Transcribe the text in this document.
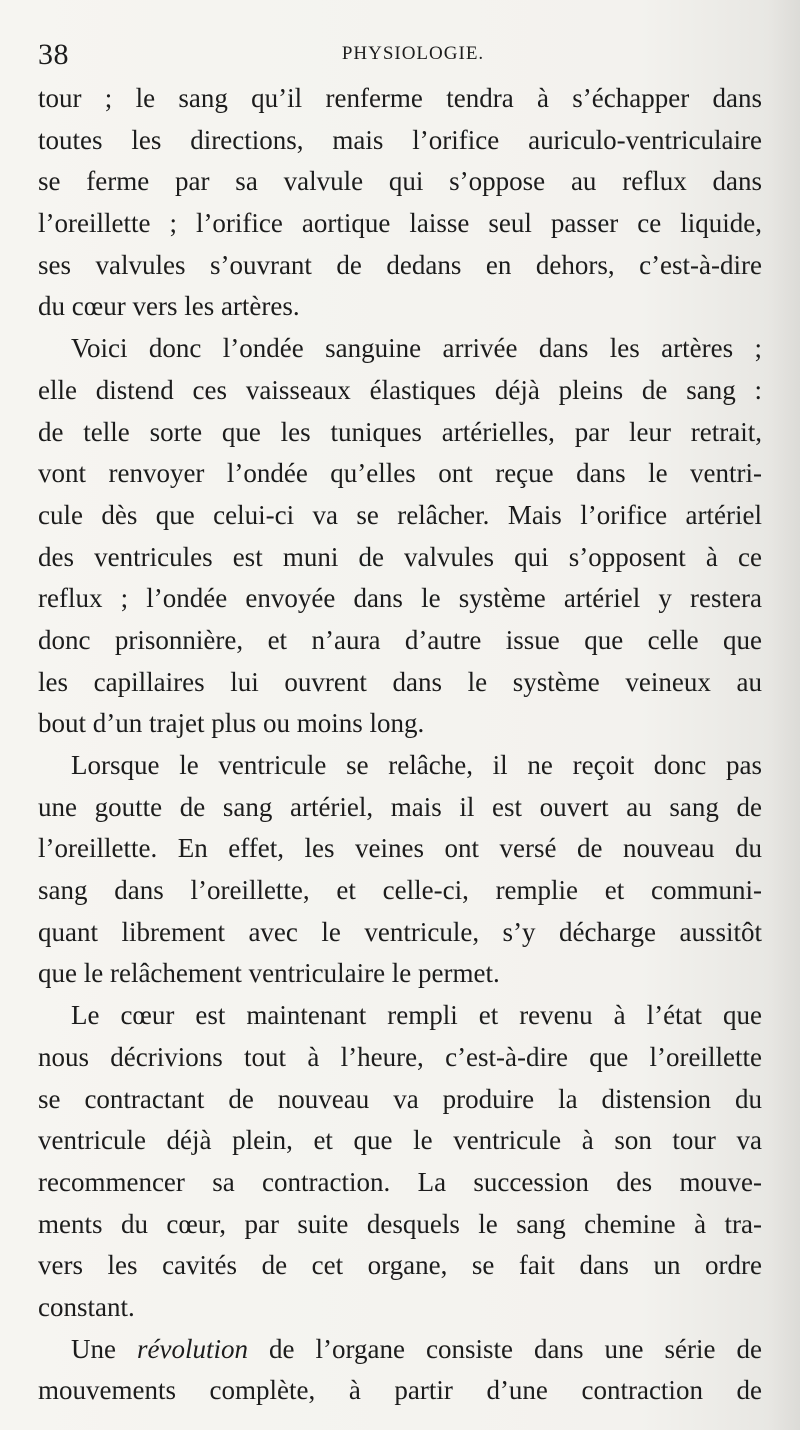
38	PHYSIOLOGIE.
tour ; le sang qu’il renferme tendra à s’échapper dans
toutes les directions, mais l’orifice auriculo-ventriculaire
se ferme par sa valvule qui s’oppose au reflux dans
l’oreillette ; l’orifice aortique laisse seul passer ce liquide,
ses valvules s’ouvrant de dedans en dehors, c’est-à-dire
du cœur vers les artères.
Voici donc l’ondée sanguine arrivée dans les artères ;
elle distend ces vaisseaux élastiques déjà pleins de sang :
de telle sorte que les tuniques artérielles, par leur retrait,
vont renvoyer l’ondée qu’elles ont reçue dans le ventri-
cule dès que celui-ci va se relâcher. Mais l’orifice artériel
des ventricules est muni de valvules qui s’opposent à ce
reflux ; l’ondée envoyée dans le système artériel y restera
donc prisonnière, et n’aura d’autre issue que celle que
les capillaires lui ouvrent dans le système veineux au
bout d’un trajet plus ou moins long.
Lorsque le ventricule se relâche, il ne reçoit donc pas
une goutte de sang artériel, mais il est ouvert au sang de
l’oreillette. En effet, les veines ont versé de nouveau du
sang dans l’oreillette, et celle-ci, remplie et communi-
quant librement avec le ventricule, s’y décharge aussitôt
que le relâchement ventriculaire le permet.
Le cœur est maintenant rempli et revenu à l’état que
nous décrivions tout à l’heure, c’est-à-dire que l’oreillette
se contractant de nouveau va produire la distension du
ventricule déjà plein, et que le ventricule à son tour va
recommencer sa contraction. La succession des mouve-
ments du cœur, par suite desquels le sang chemine à tra-
vers les cavités de cet organe, se fait dans un ordre
constant.
Une révolution de l’organe consiste dans une série de
mouvements complète, à partir d’une contraction de
